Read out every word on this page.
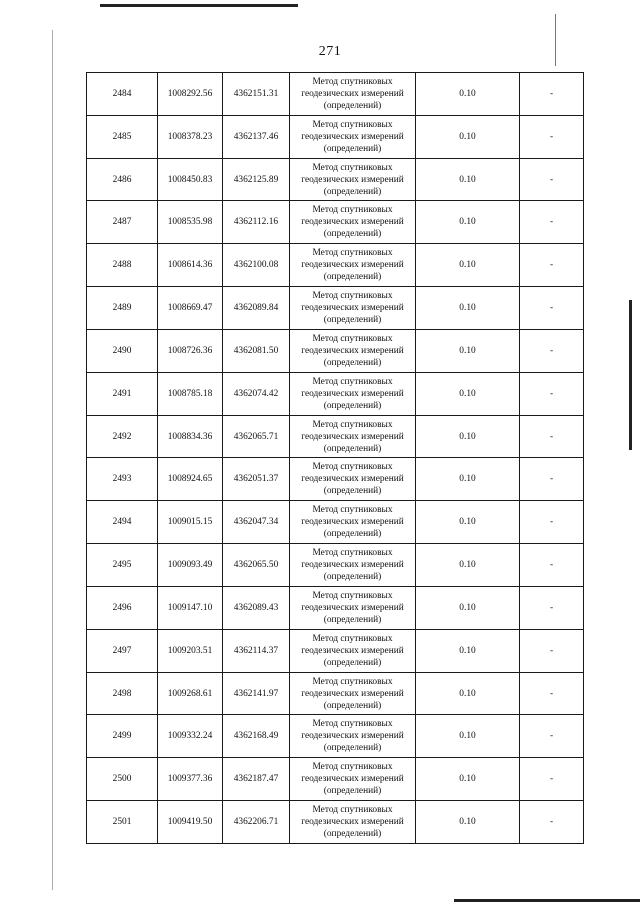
271
2484	1008292.56	4362151.31	Метод спутниковых
геодезических измерений
(определений)	0.10	-
2485	1008378.23	4362137.46	Метод спутниковых
геодезических измерений
(определений)	0.10	-
2486	1008450.83	4362125.89	Метод спутниковых
геодезических измерений
(определений)	0.10	-
2487	1008535.98	4362112.16	Метод спутниковых
геодезических измерений
(определений)	0.10	-
2488	1008614.36	4362100.08	Метод спутниковых
геодезических измерений
(определений)	0.10	-
2489	1008669.47	4362089.84	Метод спутниковых
геодезических измерений
(определений)	0.10	-
2490	1008726.36	4362081.50	Метод спутниковых
геодезических измерений
(определений)	0.10	-
2491	1008785.18	4362074.42	Метод спутниковых
геодезических измерений
(определений)	0.10	-
2492	1008834.36	4362065.71	Метод спутниковых
геодезических измерений
(определений)	0.10	-
2493	1008924.65	4362051.37	Метод спутниковых
геодезических измерений
(определений)	0.10	-
2494	1009015.15	4362047.34	Метод спутниковых
геодезических измерений
(определений)	0.10	-
2495	1009093.49	4362065.50	Метод спутниковых
геодезических измерений
(определений)	0.10	-
2496	1009147.10	4362089.43	Метод спутниковых
геодезических измерений
(определений)	0.10	-
2497	1009203.51	4362114.37	Метод спутниковых
геодезических измерений
(определений)	0.10	-
2498	1009268.61	4362141.97	Метод спутниковых
геодезических измерений
(определений)	0.10	-
2499	1009332.24	4362168.49	Метод спутниковых
геодезических измерений
(определений)	0.10	-
2500	1009377.36	4362187.47	Метод спутниковых
геодезических измерений
(определений)	0.10	-
2501	1009419.50	4362206.71	Метод спутниковых
геодезических измерений
(определений)	0.10	-
